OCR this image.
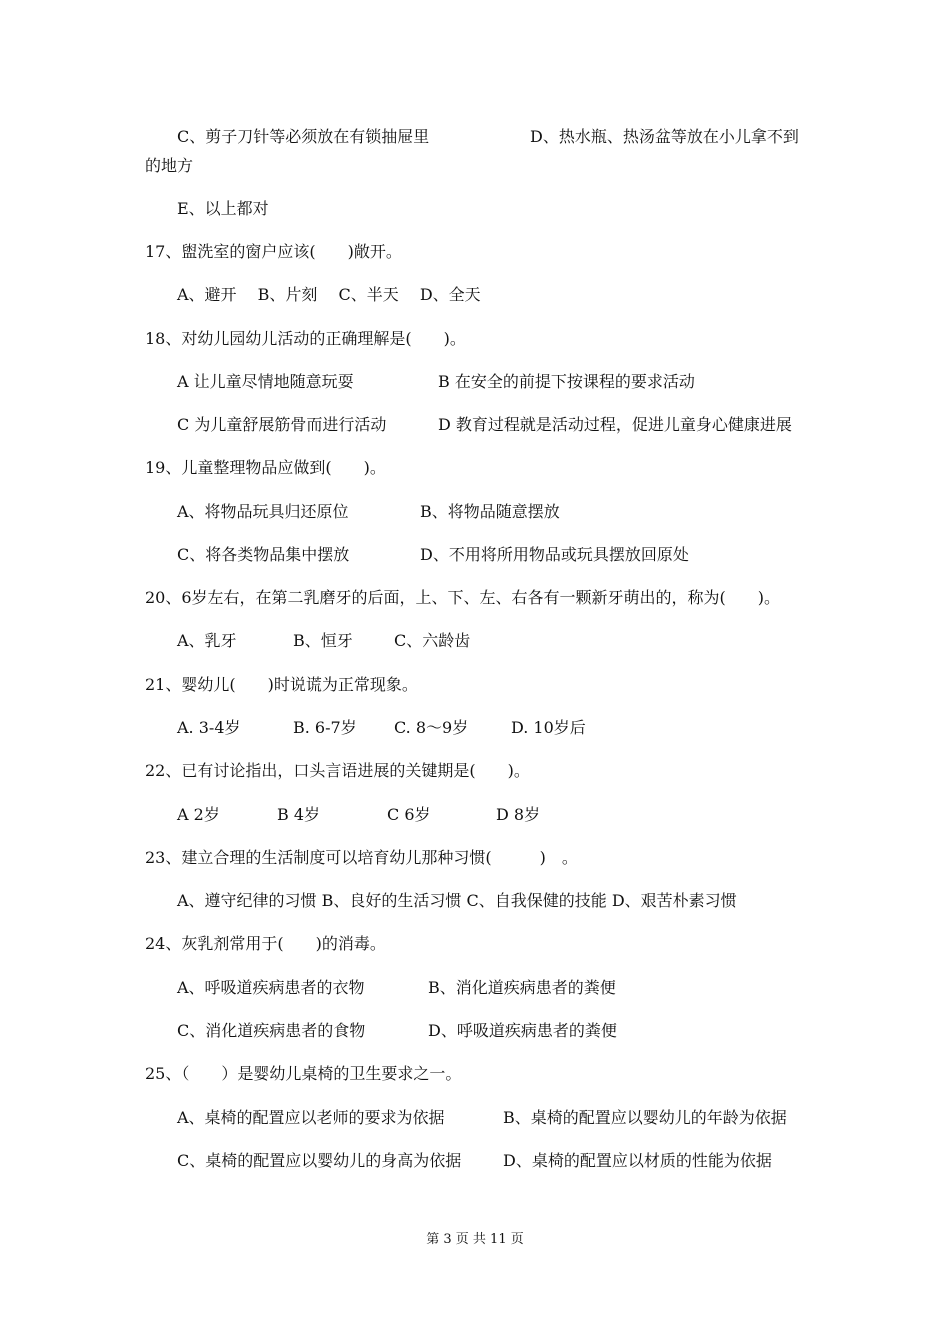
C、剪子刀针等必须放在有锁抽屉里	D、热水瓶、热汤盆等放在小儿拿不到
的地方
E、以上都对
17、盥洗室的窗户应该(　　)敞开。
A、避开　 B、片刻　 C、半天　 D、全天
18、对幼儿园幼儿活动的正确理解是(　　)。
A 让儿童尽情地随意玩耍	B 在安全的前提下按课程的要求活动
C 为儿童舒展筋骨而进行活动	D 教育过程就是活动过程，促进儿童身心健康进展
19、儿童整理物品应做到(　　)。
A、将物品玩具归还原位	B、将物品随意摆放
C、将各类物品集中摆放	D、不用将所用物品或玩具摆放回原处
20、6岁左右，在第二乳磨牙的后面，上、下、左、右各有一颗新牙萌出的，称为(　　)。
A、乳牙	B、恒牙	C、六龄齿
21、婴幼儿(　　)时说谎为正常现象。
A. 3-4岁	B. 6-7岁 C. 8～9岁	D. 10岁后
22、已有讨论指出，口头言语进展的关键期是(　　)。
A 2岁	B 4岁	C 6岁	D 8岁
23、建立合理的生活制度可以培育幼儿那种习惯(　　　)　。
A、遵守纪律的习惯 B、良好的生活习惯 C、自我保健的技能 D、艰苦朴素习惯
24、灰乳剂常用于(　　)的消毒。
A、呼吸道疾病患者的衣物	B、消化道疾病患者的粪便
C、消化道疾病患者的食物	D、呼吸道疾病患者的粪便
25、（　　）是婴幼儿桌椅的卫生要求之一。
A、桌椅的配置应以老师的要求为依据	B、桌椅的配置应以婴幼儿的年龄为依据
C、桌椅的配置应以婴幼儿的身高为依据	D、桌椅的配置应以材质的性能为依据
第 3 页 共 11 页
